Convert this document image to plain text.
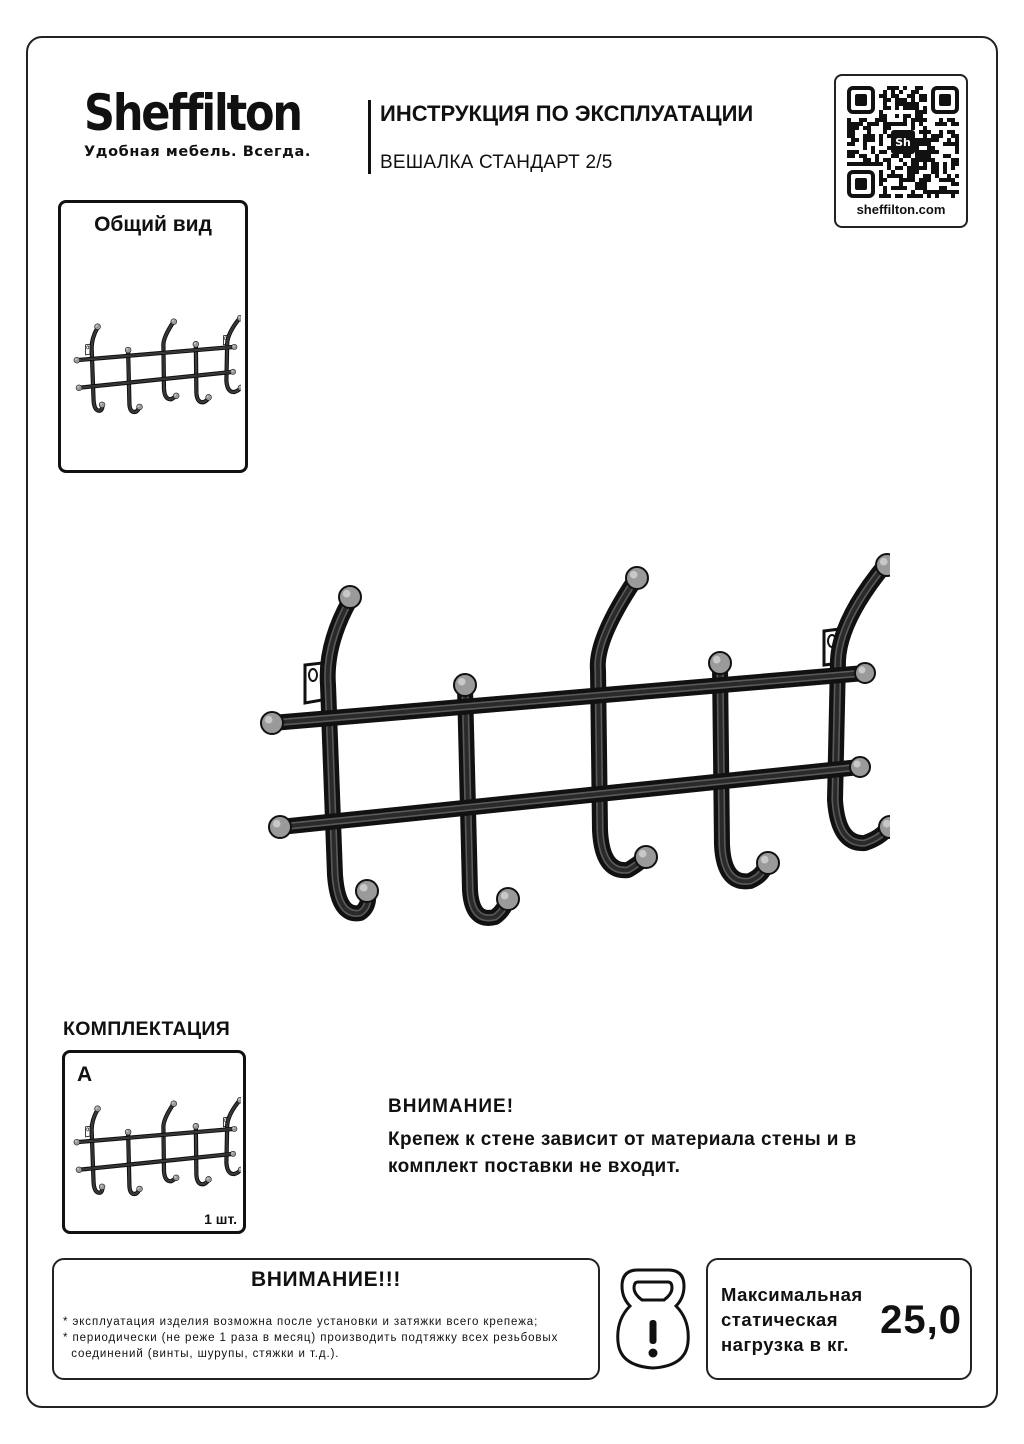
Sheffilton
Удобная мебель. Всегда.
ИНСТРУКЦИЯ ПО ЭКСПЛУАТАЦИИ
ВЕШАЛКА СТАНДАРТ 2/5
Sh
sheffilton.com
Общий вид
КОМПЛЕКТАЦИЯ
А
1 шт.
ВНИМАНИЕ!
Крепеж к стене зависит от материала стены и в комплект поставки не входит.
ВНИМАНИЕ!!!
* эксплуатация изделия возможна после установки и затяжки всего крепежа;
* периодически (не реже 1 раза в месяц) производить подтяжку всех резьбовых
соединений (винты, шурупы, стяжки и т.д.).
Максимальная
статическая
нагрузка в кг.
25,0
